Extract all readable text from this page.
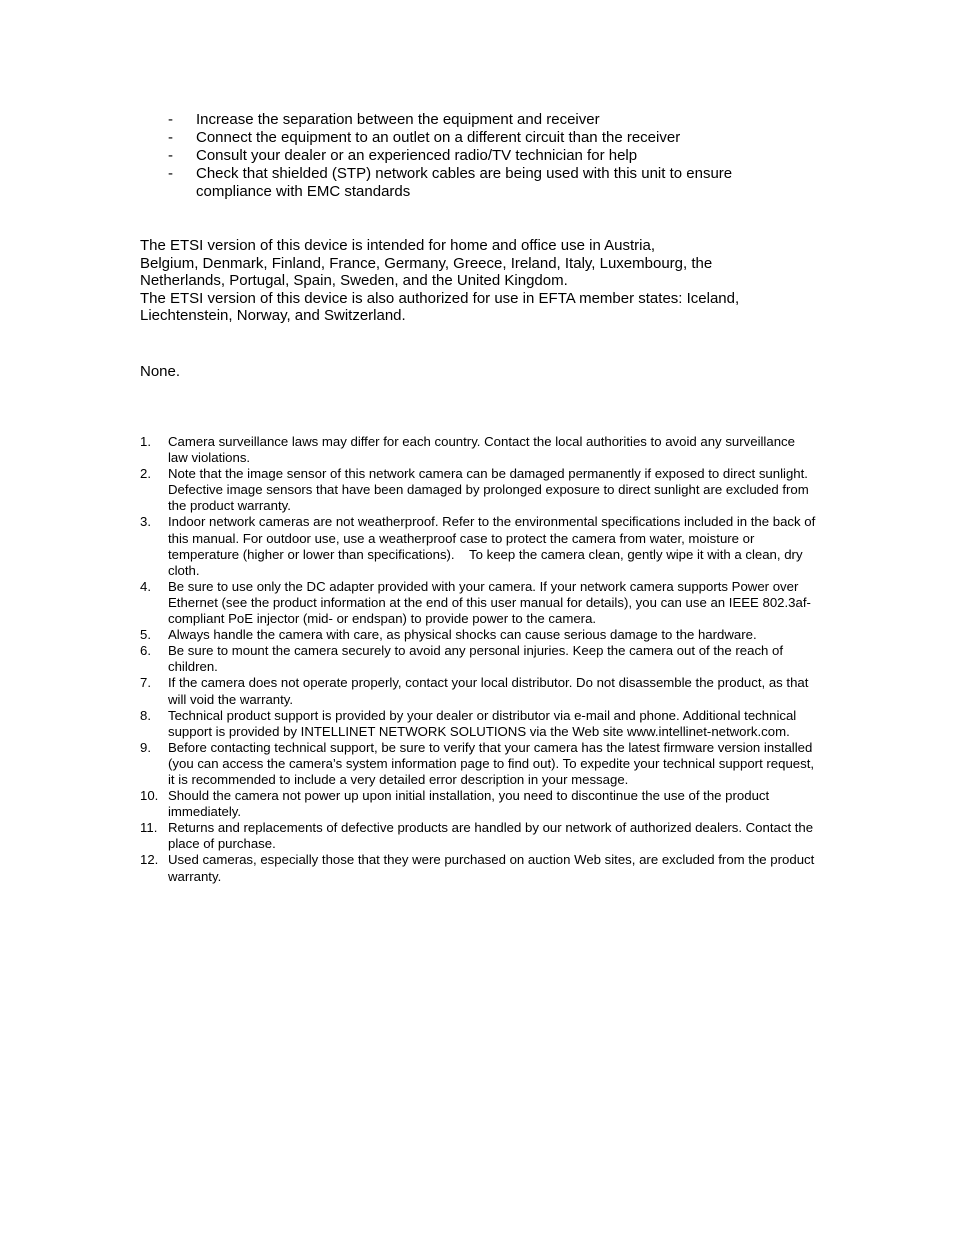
- Increase the separation between the equipment and receiver
- Connect the equipment to an outlet on a different circuit than the receiver
- Consult your dealer or an experienced radio/TV technician for help
- Check that shielded (STP) network cables are being used with this unit to ensure compliance with EMC standards

The ETSI version of this device is intended for home and office use in Austria,

Belgium, Denmark, Finland, France, Germany, Greece, Ireland, Italy, Luxembourg, the Netherlands, Portugal, Spain, Sweden, and the United Kingdom.

The ETSI version of this device is also authorized for use in EFTA member states: Iceland, Liechtenstein, Norway, and Switzerland.

None.

1. Camera surveillance laws may differ for each country. Contact the local authorities to avoid any surveillance law violations.
2. Note that the image sensor of this network camera can be damaged permanently if exposed to direct sunlight. Defective image sensors that have been damaged by prolonged exposure to direct sunlight are excluded from the product warranty.
3. Indoor network cameras are not weatherproof. Refer to the environmental specifications included in the back of this manual. For outdoor use, use a weatherproof case to protect the camera from water, moisture or temperature (higher or lower than specifications).    To keep the camera clean, gently wipe it with a clean, dry cloth.
4. Be sure to use only the DC adapter provided with your camera. If your network camera supports Power over Ethernet (see the product information at the end of this user manual for details), you can use an IEEE 802.3af-compliant PoE injector (mid- or endspan) to provide power to the camera.
5. Always handle the camera with care, as physical shocks can cause serious damage to the hardware.
6. Be sure to mount the camera securely to avoid any personal injuries. Keep the camera out of the reach of children.
7. If the camera does not operate properly, contact your local distributor. Do not disassemble the product, as that will void the warranty.
8. Technical product support is provided by your dealer or distributor via e-mail and phone. Additional technical support is provided by INTELLINET NETWORK SOLUTIONS via the Web site www.intellinet-network.com.
9. Before contacting technical support, be sure to verify that your camera has the latest firmware version installed (you can access the camera’s system information page to find out). To expedite your technical support request, it is recommended to include a very detailed error description in your message.
10. Should the camera not power up upon initial installation, you need to discontinue the use of the product immediately.
11. Returns and replacements of defective products are handled by our network of authorized dealers. Contact the place of purchase.
12. Used cameras, especially those that they were purchased on auction Web sites, are excluded from the product warranty.
